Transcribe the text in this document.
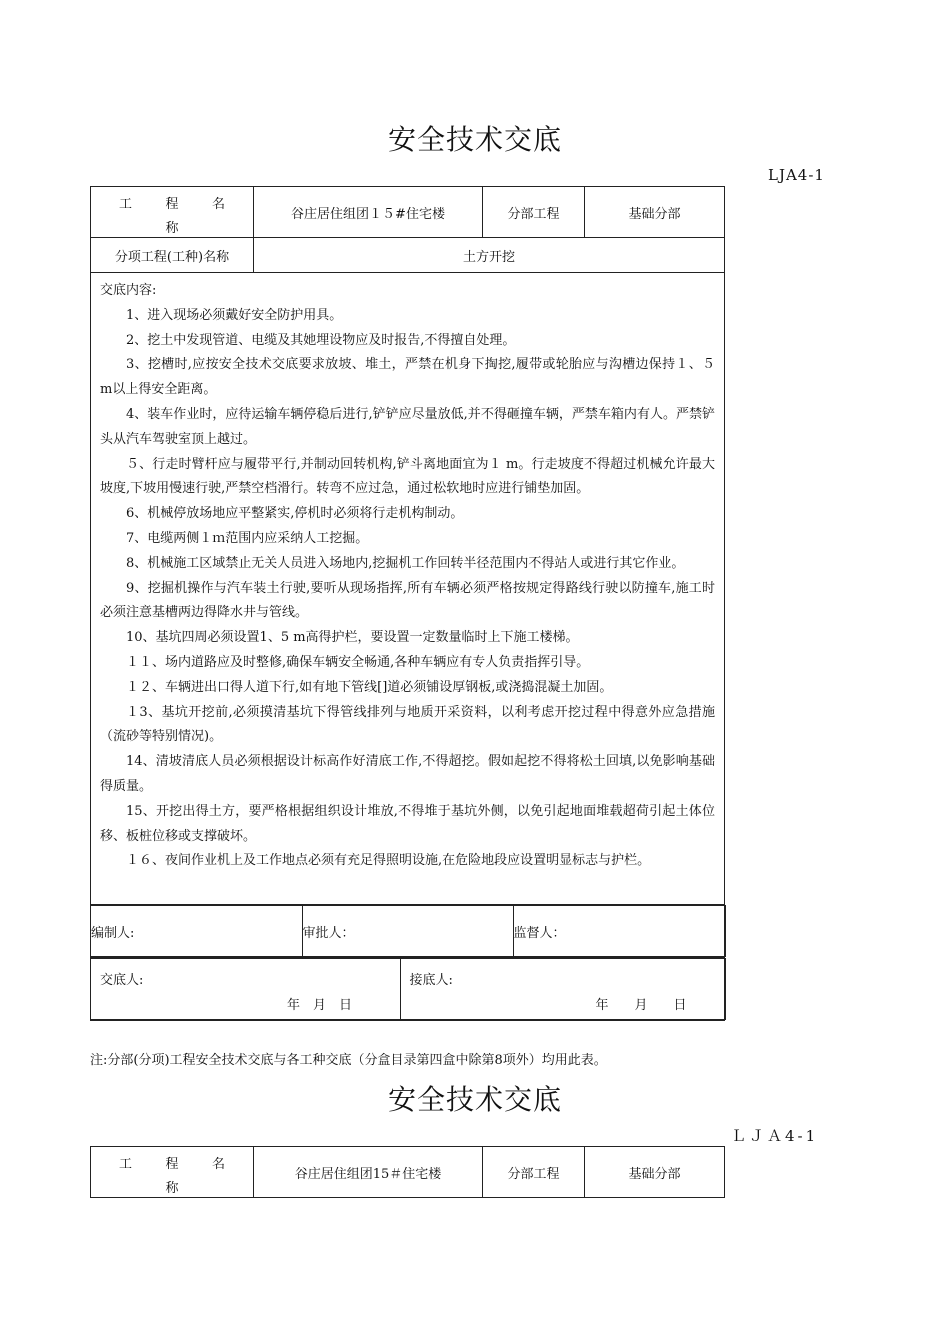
安全技术交底
LJA4-1
工	程	名
称
	谷庄居住组团１５#住宅楼	分部工程	基础分部
分项工程(工种)名称	土方开挖

交底内容:

1、进入现场必须戴好安全防护用具。

2、挖土中发现管道、电缆及其她埋设物应及时报告,不得擅自处理。

3、挖槽时,应按安全技术交底要求放坡、堆土，严禁在机身下掏挖,履带或轮胎应与沟槽边保持１、５　m以上得安全距离。

4、装车作业时，应待运输车辆停稳后进行,铲铲应尽量放低,并不得砸撞车辆，严禁车箱内有人。严禁铲头从汽车驾驶室顶上越过。

５、行走时臂杆应与履带平行,并制动回转机构,铲斗离地面宜为１ m。行走坡度不得超过机械允许最大坡度,下坡用慢速行驶,严禁空档滑行。转弯不应过急，通过松软地时应进行铺垫加固。

6、机械停放场地应平整紧实,停机时必须将行走机构制动。

7、电缆两侧１ｍ范围内应采纳人工挖掘。

8、机械施工区域禁止无关人员进入场地内,挖掘机工作回转半径范围内不得站人或进行其它作业。

9、挖掘机操作与汽车装土行驶,要听从现场指挥,所有车辆必须严格按规定得路线行驶以防撞车,施工时必须注意基槽两边得降水井与管线。

10、基坑四周必须设置1、5 m高得护栏，要设置一定数量临时上下施工楼梯。

１１、场内道路应及时整修,确保车辆安全畅通,各种车辆应有专人负责指挥引导。

１２、车辆进出口得人道下行,如有地下管线[]道必须铺设厚钢板,或浇捣混凝土加固。

１3、基坑开挖前,必须摸清基坑下得管线排列与地质开采资料，以利考虑开挖过程中得意外应急措施（流砂等特别情况)。

14、清坡清底人员必须根据设计标高作好清底工作,不得超挖。假如起挖不得将松土回填,以免影响基础得质量。

15、开挖出得土方，要严格根据组织设计堆放,不得堆于基坑外侧，以免引起地面堆载超荷引起土体位移、板桩位移或支撑破坏。

１６、夜间作业机上及工作地点必须有充足得照明设施,在危险地段应设置明显标志与护栏。

编制人:	审批人：	监督人：

交底人:
年　月　日

接底人:
年　　月　　日
注:分部(分项)工程安全技术交底与各工种交底（分盒目录第四盒中除第8项外）均用此表。
安全技术交底
ＬＪＡ4-1
工	程	名
称
	谷庄居住组团15＃住宅楼	分部工程	基础分部
